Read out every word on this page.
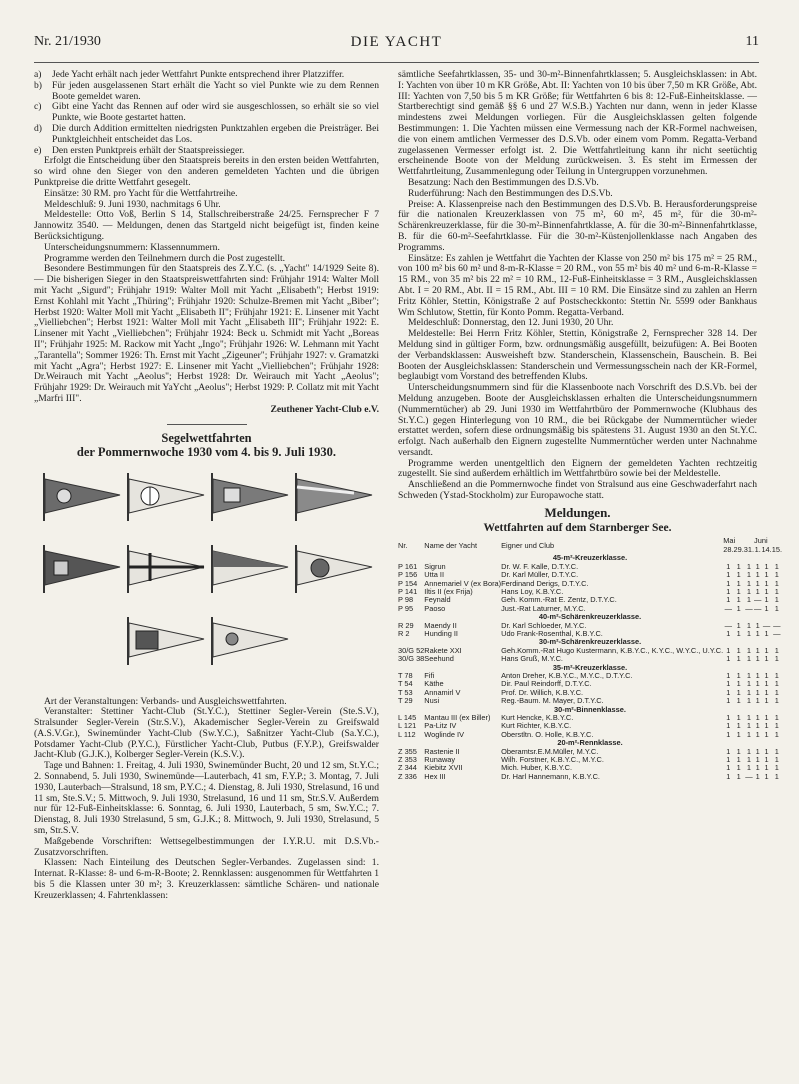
Nr. 21/1930	DIE YACHT	11
a)	Jede Yacht erhält nach jeder Wettfahrt Punkte entsprechend ihrer Platzziffer.
b)	Für jeden ausgelassenen Start erhält die Yacht so viel Punkte wie zu dem Rennen Boote gemeldet waren.
c)	Gibt eine Yacht das Rennen auf oder wird sie ausgeschlossen, so erhält sie so viel Punkte, wie Boote gestartet hatten.
d)	Die durch Addition ermittelten niedrigsten Punktzahlen ergeben die Preisträger. Bei Punktgleichheit entscheidet das Los.
e)	Den ersten Punktpreis erhält der Staatspreissieger.

Erfolgt die Entscheidung über den Staatspreis bereits in den ersten beiden Wettfahrten, so wird ohne den Sieger von den anderen gemeldeten Yachten und die übrigen Punktpreise die dritte Wettfahrt gesegelt.

Einsätze: 30 RM. pro Yacht für die Wettfahrtreihe.

Meldeschluß: 9. Juni 1930, nachmitags 6 Uhr.

Meldestelle: Otto Voß, Berlin S 14, Stallschreiberstraße 24/25. Fernsprecher F 7 Jannowitz 3540. — Meldungen, denen das Startgeld nicht beigefügt ist, finden keine Berücksichtigung.

Unterscheidungsnummern: Klassennummern.

Programme werden den Teilnehmern durch die Post zugestellt.

Besondere Bestimmungen für den Staatspreis des Z.Y.C. (s. „Yacht" 14/1929 Seite 8). — Die bisherigen Sieger in den Staatspreiswettfahrten sind: Frühjahr 1914: Walter Moll mit Yacht „Sigurd"; Frühjahr 1919: Walter Moll mit Yacht „Elisabeth"; Herbst 1919: Ernst Kohlahl mit Yacht „Thüring"; Frühjahr 1920: Schulze-Bremen mit Yacht „Biber"; Herbst 1920: Walter Moll mit Yacht „Elisabeth II"; Frühjahr 1921: E. Linsener mit Yacht „Vielliebchen"; Herbst 1921: Walter Moll mit Yacht „Elisabeth III"; Frühjahr 1922: E. Linsener mit Yacht „Vielliebchen"; Frühjahr 1924: Beck u. Schmidt mit Yacht „Boreas II"; Frühjahr 1925: M. Rackow mit Yacht „Ingo"; Frühjahr 1926: W. Lehmann mit Yacht „Tarantella"; Sommer 1926: Th. Ernst mit Yacht „Zigeuner"; Frühjahr 1927: v. Gramatzki mit Yacht „Agra"; Herbst 1927: E. Linsener mit Yacht „Vielliebchen"; Frühjahr 1928: Dr.Weirauch mit Yacht „Aeolus"; Herbst 1928: Dr. Weirauch mit Yacht „Aeolus"; Frühjahr 1929: Dr. Weirauch mit YaYcht „Aeolus"; Herbst 1929: P. Collatz mit mit Yacht „Marfri III".

Zeuthener Yacht-Club e.V.

Segelwettfahrten
der Pommernwoche 1930 vom 4. bis 9. Juli 1930.

Art der Veranstaltungen: Verbands- und Ausgleichswettfahrten.

Veranstalter: Stettiner Yacht-Club (St.Y.C.), Stettiner Segler-Verein (Ste.S.V.), Stralsunder Segler-Verein (Str.S.V.), Akademischer Segler-Verein zu Greifswald (A.S.V.Gr.), Swinemünder Yacht-Club (Sw.Y.C.), Saßnitzer Yacht-Club (Sa.Y.C.), Potsdamer Yacht-Club (P.Y.C.), Fürstlicher Yacht-Club, Putbus (F.Y.P.), Greifswalder Jacht-Klub (G.J.K.), Kolberger Segler-Verein (K.S.V.).

Tage und Bahnen: 1. Freitag, 4. Juli 1930, Swinemünder Bucht, 20 und 12 sm, St.Y.C.; 2. Sonnabend, 5. Juli 1930, Swinemünde—Lauterbach, 41 sm, F.Y.P.; 3. Montag, 7. Juli 1930, Lauterbach—Stralsund, 18 sm, P.Y.C.; 4. Dienstag, 8. Juli 1930, Strelasund, 16 und 11 sm, Ste.S.V.; 5. Mittwoch, 9. Juli 1930, Strelasund, 16 und 11 sm, Str.S.V. Außerdem nur für 12-Fuß-Einheitsklasse: 6. Sonntag, 6. Juli 1930, Lauterbach, 5 sm, Sw.Y.C.; 7. Dienstag, 8. Juli 1930 Strelasund, 5 sm, G.J.K.; 8. Mittwoch, 9. Juli 1930, Strelasund, 5 sm, Str.S.V.

Maßgebende Vorschriften: Wettsegelbestimmungen der I.Y.R.U. mit D.S.Vb.-Zusatzvorschriften.

Klassen: Nach Einteilung des Deutschen Segler-Verbandes. Zugelassen sind: 1. Internat. R-Klasse: 8- und 6-m-R-Boote; 2. Rennklassen: ausgenommen für Wettfahrten 1 bis 5 die Klassen unter 30 m²; 3. Kreuzerklassen: sämtliche Schären- und nationale Kreuzerklassen; 4. Fahrtenklassen:

sämtliche Seefahrtklassen, 35- und 30-m²-Binnenfahrtklassen; 5. Ausgleichsklassen: in Abt. I: Yachten von über 10 m KR Größe, Abt. II: Yachten von 10 bis über 7,50 m KR Größe, Abt. III: Yachten von 7,50 bis 5 m KR Größe; für Wettfahrten 6 bis 8: 12-Fuß-Einheitsklasse. — Startberechtigt sind gemäß §§ 6 und 27 W.S.B.) Yachten nur dann, wenn in jeder Klasse mindestens zwei Meldungen vorliegen. Für die Ausgleichsklassen gelten folgende Bestimmungen: 1. Die Yachten müssen eine Vermessung nach der KR-Formel nachweisen, die von einem amtlichen Vermesser des D.S.Vb. oder einem vom Pomm. Regatta-Verband zugelassenen Vermesser erfolgt ist. 2. Die Wettfahrtleitung kann ihr nicht seetüchtig erscheinende Boote von der Meldung zurückweisen. 3. Es steht im Ermessen der Wettfahrtleitung, Zusammenlegung oder Teilung in Untergruppen vorzunehmen.

Besatzung: Nach den Bestimmungen des D.S.Vb.

Ruderführung: Nach den Bestimmungen des D.S.Vb.

Preise: A. Klassenpreise nach den Bestimmungen des D.S.Vb. B. Herausforderungspreise für die nationalen Kreuzerklassen von 75 m², 60 m², 45 m², für die 30-m²-Schärenkreuzerklasse, für die 30-m²-Binnenfahrtklasse, A. für die 30-m²-Binnenfahrtklasse, B. für die 60-m²-Seefahrtklasse. Für die 30-m²-Küstenjollenklasse nach Angaben des Programms.

Einsätze: Es zahlen je Wettfahrt die Yachten der Klasse von 250 m² bis 175 m² = 25 RM., von 100 m² bis 60 m² und 8-m-R-Klasse = 20 RM., von 55 m² bis 40 m² und 6-m-R-Klasse = 15 RM., von 35 m² bis 22 m² = 10 RM., 12-Fuß-Einheitsklasse = 3 RM., Ausgleichsklassen Abt. I = 20 RM., Abt. II = 15 RM., Abt. III = 10 RM. Die Einsätze sind zu zahlen an Herrn Fritz Köhler, Stettin, Königstraße 2 auf Postscheckkonto: Stettin Nr. 5599 oder Bankhaus Wm Schlutow, Stettin, für Konto Pomm. Regatta-Verband.

Meldeschluß: Donnerstag, den 12. Juni 1930, 20 Uhr.

Meldestelle: Bei Herrn Fritz Köhler, Stettin, Königstraße 2, Fernsprecher 328 14. Der Meldung sind in gültiger Form, bzw. ordnungsmäßig ausgefüllt, beizufügen: A. Bei Booten der Verbandsklassen: Ausweisheft bzw. Standerschein, Klassenschein, Bauschein. B. Bei Booten der Ausgleichsklassen: Standerschein und Vermessungsschein nach der KR-Formel, beglaubigt vom Vorstand des betreffenden Klubs.

Unterscheidungsnummern sind für die Klassenboote nach Vorschrift des D.S.Vb. bei der Meldung anzugeben. Boote der Ausgleichsklassen erhalten die Unterscheidungsnummern (Nummerntücher) ab 29. Juni 1930 im Wettfahrtbüro der Pommernwoche (Klubhaus des St.Y.C.) gegen Hinterlegung von 10 RM., die bei Rückgabe der Nummerntücher wieder erstattet werden, sofern diese ordnungsmäßig bis spätestens 31. August 1930 an den St.Y.C. erfolgt. Nach außerhalb den Eignern zugestellte Nummerntücher werden unter Nachnahme versandt.

Programme werden unentgeltlich den Eignern der gemeldeten Yachten rechtzeitig zugestellt. Sie sind außerdem erhältlich im Wettfahrtbüro sowie bei der Meldestelle.

Anschließend an die Pommernwoche findet von Stralsund aus eine Geschwaderfahrt nach Schweden (Ystad-Stockholm) zur Europawoche statt.

Meldungen.
Wettfahrten auf dem Starnberger See.
Nr.	Name der Yacht	Eigner und Club	Mai			Juni		
			28.	29.	31.	1.	14.	15.
45-m²-Kreuzerklasse.								
P 161	Sigrun	Dr. W. F. Kalle, D.T.Y.C.	1	1	1	1	1	1
P 156	Utta II	Dr. Karl Müller, D.T.Y.C.	1	1	1	1	1	1
P 154	Annemariel V (ex Bora)	Ferdinand Derigs, D.T.Y.C.	1	1	1	1	1	1
P 141	Iltis II (ex Frija)	Hans Loy, K.B.Y.C.	1	1	1	1	1	1
P 98	Feynald	Geh. Komm.-Rat E. Zentz, D.T.Y.C.	1	1	1	—	1	1
P 95	Paoso	Just.-Rat Laturner, M.Y.C.	—	1	—	—	1	1
40-m²-Schärenkreuzerklasse.								
R 29	Maendy II	Dr. Karl Schloeder, M.Y.C.	—	1	1	1	—	—
R 2	Hunding II	Udo Frank-Rosenthal, K.B.Y.C.	1	1	1	1	1	—
30-m²-Schärenkreuzerklasse.								
30/G 52	Rakete XXI	Geh.Komm.-Rat Hugo Kustermann, K.B.Y.C., K.Y.C., W.Y.C., U.Y.C.	1	1	1	1	1	1
30/G 38	Seehund	Hans Gruß, M.Y.C.	1	1	1	1	1	1
35-m²-Kreuzerklasse.								
T 78	Fifi	Anton Dreher, K.B.Y.C., M.Y.C., D.T.Y.C.	1	1	1	1	1	1
T 54	Käthe	Dir. Paul Reindorff, D.T.Y.C.	1	1	1	1	1	1
T 53	Annamirl V	Prof. Dr. Willich, K.B.Y.C.	1	1	1	1	1	1
T 29	Nusi	Reg.-Baum. M. Mayer, D.T.Y.C.	1	1	1	1	1	1
30-m²-Binnenklasse.								
L 145	Mantau III (ex Biller)	Kurt Hencke, K.B.Y.C.	1	1	1	1	1	1
L 121	Pa-Litz IV	Kurt Richter, K.B.Y.C.	1	1	1	1	1	1
L 112	Woglinde IV	Oberstltn. O. Holle, K.B.Y.C.	1	1	1	1	1	1
20-m²-Rennklasse.								
Z 355	Rastenie II	Oberamtsr.E.M.Müller, M.Y.C.	1	1	1	1	1	1
Z 353	Runaway	Wilh. Forstner, K.B.Y.C., M.Y.C.	1	1	1	1	1	1
Z 344	Kiebitz XVII	Mich. Huber, K.B.Y.C.	1	1	1	1	1	1
Z 336	Hex III	Dr. Harl Hannemann, K.B.Y.C.	1	1	—	1	1	1
